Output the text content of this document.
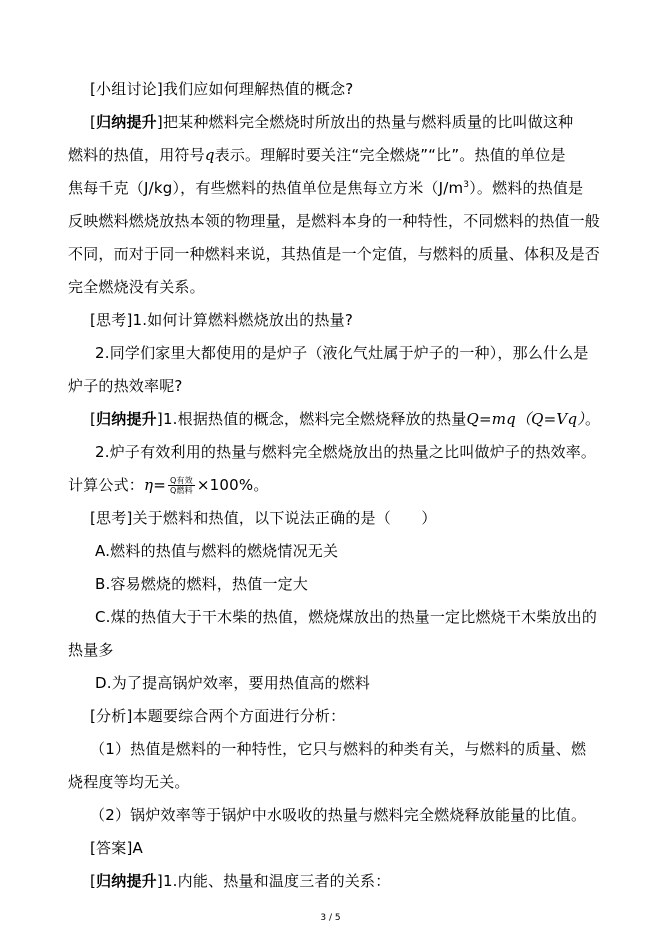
[小组讨论]我们应如何理解热值的概念?
[归纳提升]把某种燃料完全燃烧时所放出的热量与燃料质量的比叫做这种
燃料的热值，用符号q表示。理解时要关注“完全燃烧”“比”。热值的单位是
焦每千克（J/kg），有些燃料的热值单位是焦每立方米$(J/m^3)$。燃料的热值是
反映燃料燃烧放热本领的物理量，是燃料本身的一种特性，不同燃料的热值一般
不同，而对于同一种燃料来说，其热值是一个定值，与燃料的质量、体积及是否
完全燃烧没有关系。
[思考]1.如何计算燃料燃烧放出的热量?
2.同学们家里大都使用的是炉子（液化气灶属于炉子的一种），那么什么是
炉子的热效率呢?
[归纳提升]1.根据热值的概念，燃料完全燃烧释放的热量Q=mq（Q=Vq）。
2.炉子有效利用的热量与燃料完全燃烧放出的热量之比叫做炉子的热效率。
计算公式：$\eta= \frac{\text{Q有效}}{\text{Q燃料}} \times 100\%$。
[思考]关于燃料和热值，以下说法正确的是（　　）
A.燃料的热值与燃料的燃烧情况无关
B.容易燃烧的燃料，热值一定大
C.煤的热值大于干木柴的热值，燃烧煤放出的热量一定比燃烧干木柴放出的
热量多
D.为了提高锅炉效率，要用热值高的燃料
[分析]本题要综合两个方面进行分析：
（1）热值是燃料的一种特性，它只与燃料的种类有关，与燃料的质量、燃
烧程度等均无关。
（2）锅炉效率等于锅炉中水吸收的热量与燃料完全燃烧释放能量的比值。
[答案]A
[归纳提升]1.内能、热量和温度三者的关系：
3 / 5
